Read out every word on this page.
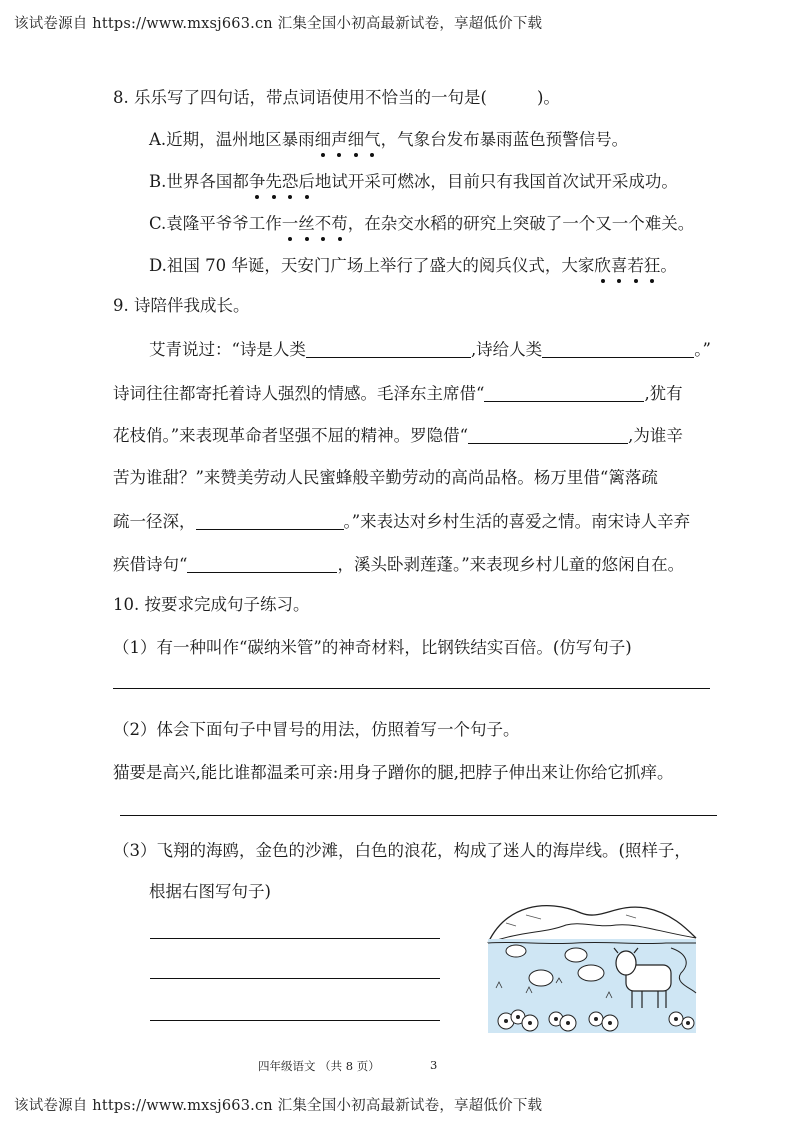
该试卷源自 https://www.mxsj663.cn 汇集全国小初高最新试卷，享超低价下载
8. 乐乐写了四句话，带点词语使用不恰当的一句是(	)。
A.近期，温州地区暴雨细声细气，气象台发布暴雨蓝色预警信号。
B.世界各国都争先恐后地试开采可燃冰，目前只有我国首次试开采成功。
C.袁隆平爷爷工作一丝不苟，在杂交水稻的研究上突破了一个又一个难关。
D.祖国 70 华诞，天安门广场上举行了盛大的阅兵仪式，大家欣喜若狂。
9. 诗陪伴我成长。
艾青说过：“诗是人类	,诗给人类	。”
诗词往往都寄托着诗人强烈的情感。毛泽东主席借“	,犹有
花枝俏。”来表现革命者坚强不屈的精神。罗隐借“	,为谁辛
苦为谁甜？”来赞美劳动人民蜜蜂般辛勤劳动的高尚品格。杨万里借“篱落疏
疏一径深，	。”来表达对乡村生活的喜爱之情。南宋诗人辛弃
疾借诗句“	，溪头卧剥莲蓬。”来表现乡村儿童的悠闲自在。
10. 按要求完成句子练习。
（1）有一种叫作“碳纳米管”的神奇材料，比钢铁结实百倍。(仿写句子)
（2）体会下面句子中冒号的用法，仿照着写一个句子。
猫要是高兴,能比谁都温柔可亲:用身子蹭你的腿,把脖子伸出来让你给它抓痒。
（3）飞翔的海鸥，金色的沙滩，白色的浪花，构成了迷人的海岸线。(照样子，
根据右图写句子)
四年级语文 （共 8 页）	3
该试卷源自 https://www.mxsj663.cn 汇集全国小初高最新试卷，享超低价下载
